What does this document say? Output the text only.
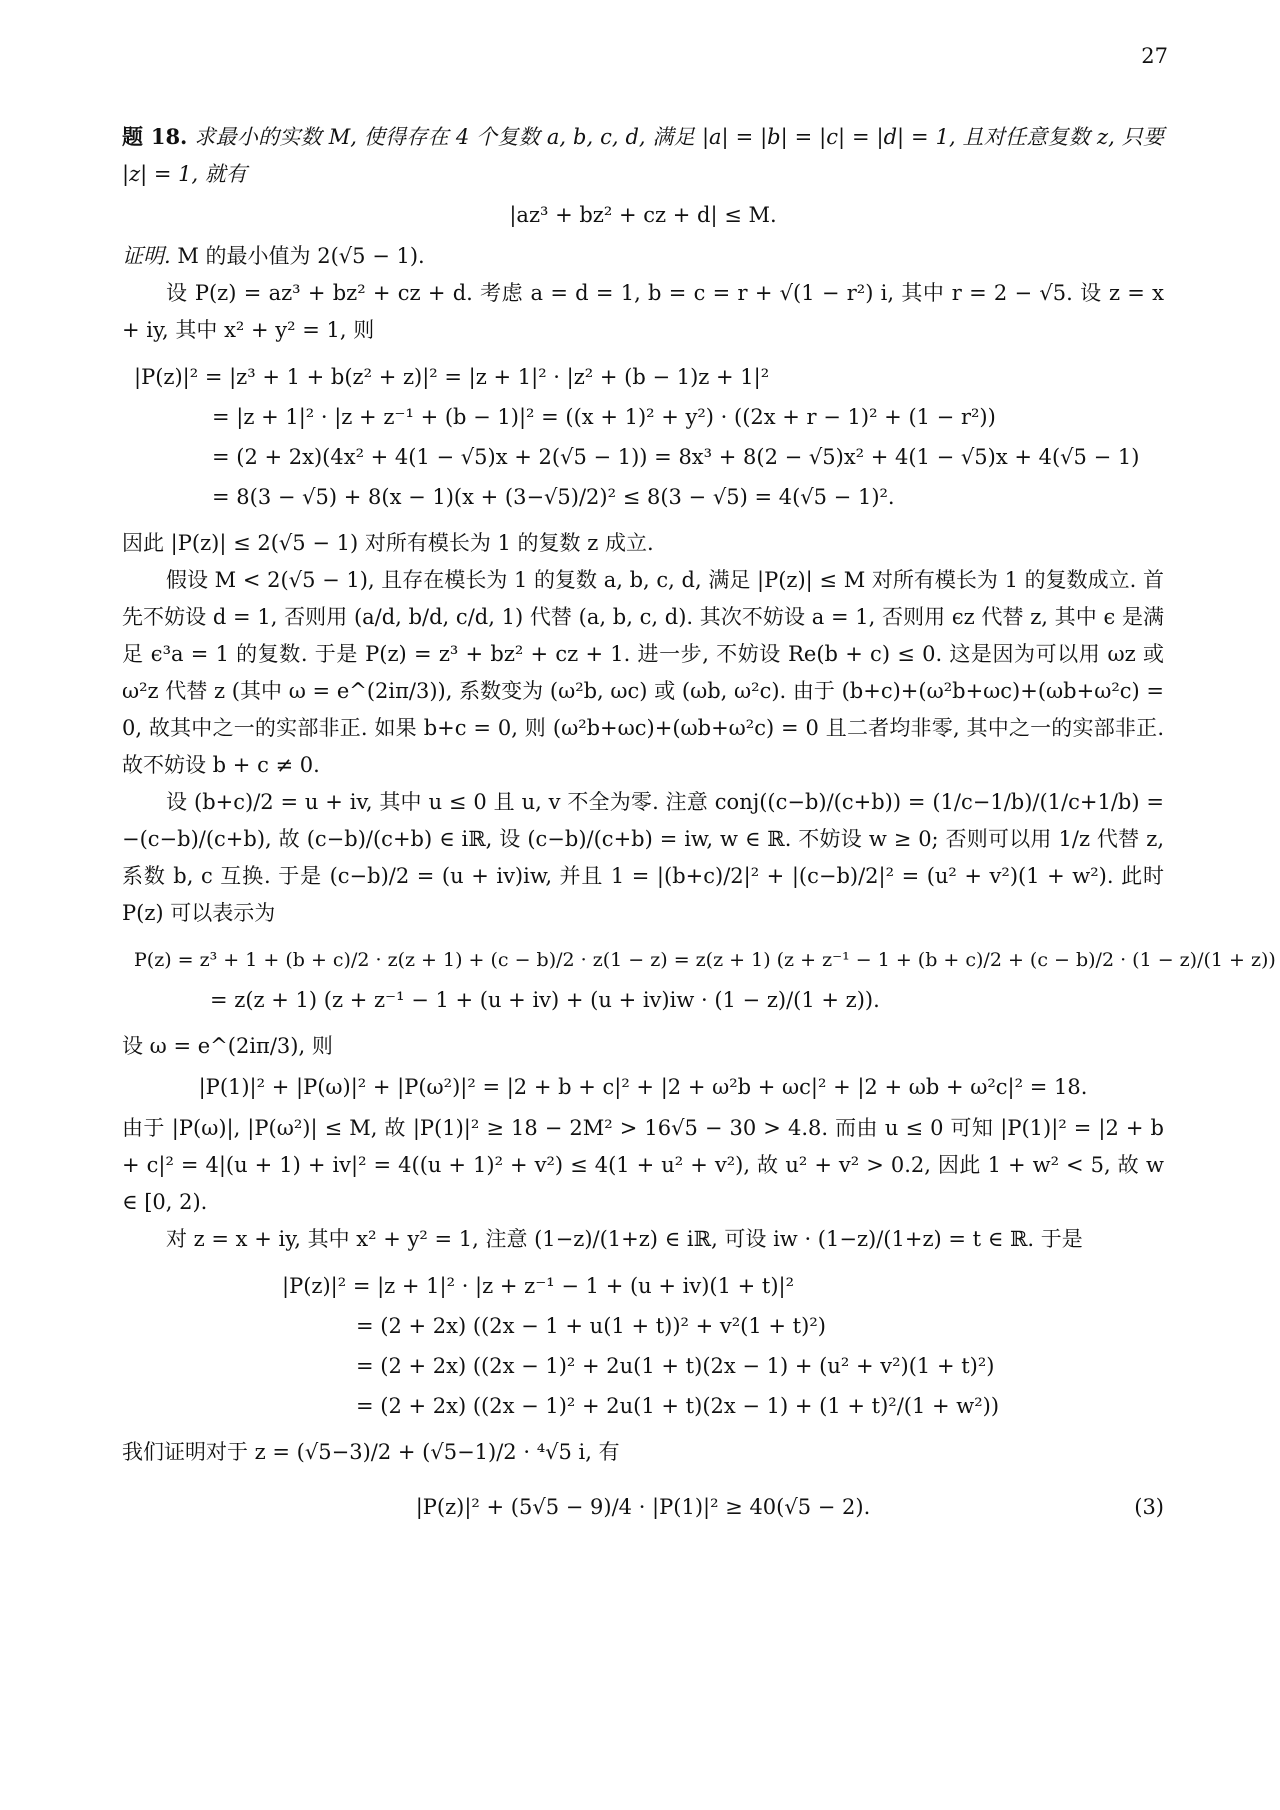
27

题 18. 求最小的实数 M, 使得存在 4 个复数 a, b, c, d, 满足 |a| = |b| = |c| = |d| = 1, 且对任意复数 z, 只要 |z| = 1, 就有

|az³ + bz² + cz + d| ≤ M.

证明. M 的最小值为 2(√5 − 1).

设 P(z) = az³ + bz² + cz + d. 考虑 a = d = 1, b = c = r + √(1 − r²) i, 其中 r = 2 − √5. 设 z = x + iy, 其中 x² + y² = 1, 则

|P(z)|² = |z³ + 1 + b(z² + z)|² = |z + 1|² · |z² + (b − 1)z + 1|²
= |z + 1|² · |z + z⁻¹ + (b − 1)|² = ((x + 1)² + y²) · ((2x + r − 1)² + (1 − r²))
= (2 + 2x)(4x² + 4(1 − √5)x + 2(√5 − 1)) = 8x³ + 8(2 − √5)x² + 4(1 − √5)x + 4(√5 − 1)
= 8(3 − √5) + 8(x − 1)(x + (3−√5)/2)² ≤ 8(3 − √5) = 4(√5 − 1)².

因此 |P(z)| ≤ 2(√5 − 1) 对所有模长为 1 的复数 z 成立.

假设 M < 2(√5 − 1), 且存在模长为 1 的复数 a, b, c, d, 满足 |P(z)| ≤ M 对所有模长为 1 的复数成立. 首先不妨设 d = 1, 否则用 (a/d, b/d, c/d, 1) 代替 (a, b, c, d). 其次不妨设 a = 1, 否则用 ϵz 代替 z, 其中 ϵ 是满足 ϵ³a = 1 的复数. 于是 P(z) = z³ + bz² + cz + 1. 进一步, 不妨设 Re(b + c) ≤ 0. 这是因为可以用 ωz 或 ω²z 代替 z (其中 ω = e^(2iπ/3)), 系数变为 (ω²b, ωc) 或 (ωb, ω²c). 由于 (b+c)+(ω²b+ωc)+(ωb+ω²c) = 0, 故其中之一的实部非正. 如果 b+c = 0, 则 (ω²b+ωc)+(ωb+ω²c) = 0 且二者均非零, 其中之一的实部非正. 故不妨设 b + c ≠ 0.

设 (b+c)/2 = u + iv, 其中 u ≤ 0 且 u, v 不全为零. 注意 conj((c−b)/(c+b)) = (1/c−1/b)/(1/c+1/b) = −(c−b)/(c+b), 故 (c−b)/(c+b) ∈ iℝ, 设 (c−b)/(c+b) = iw, w ∈ ℝ. 不妨设 w ≥ 0; 否则可以用 1/z 代替 z, 系数 b, c 互换. 于是 (c−b)/2 = (u + iv)iw, 并且 1 = |(b+c)/2|² + |(c−b)/2|² = (u² + v²)(1 + w²). 此时 P(z) 可以表示为

P(z) = z³ + 1 + (b + c)/2 · z(z + 1) + (c − b)/2 · z(1 − z) = z(z + 1) (z + z⁻¹ − 1 + (b + c)/2 + (c − b)/2 · (1 − z)/(1 + z))
= z(z + 1) (z + z⁻¹ − 1 + (u + iv) + (u + iv)iw · (1 − z)/(1 + z)).

设 ω = e^(2iπ/3), 则

|P(1)|² + |P(ω)|² + |P(ω²)|² = |2 + b + c|² + |2 + ω²b + ωc|² + |2 + ωb + ω²c|² = 18.

由于 |P(ω)|, |P(ω²)| ≤ M, 故 |P(1)|² ≥ 18 − 2M² > 16√5 − 30 > 4.8. 而由 u ≤ 0 可知 |P(1)|² = |2 + b + c|² = 4|(u + 1) + iv|² = 4((u + 1)² + v²) ≤ 4(1 + u² + v²), 故 u² + v² > 0.2, 因此 1 + w² < 5, 故 w ∈ [0, 2).

对 z = x + iy, 其中 x² + y² = 1, 注意 (1−z)/(1+z) ∈ iℝ, 可设 iw · (1−z)/(1+z) = t ∈ ℝ. 于是

|P(z)|² = |z + 1|² · |z + z⁻¹ − 1 + (u + iv)(1 + t)|²
= (2 + 2x) ((2x − 1 + u(1 + t))² + v²(1 + t)²)
= (2 + 2x) ((2x − 1)² + 2u(1 + t)(2x − 1) + (u² + v²)(1 + t)²)
= (2 + 2x) ((2x − 1)² + 2u(1 + t)(2x − 1) + (1 + t)²/(1 + w²))

我们证明对于 z = (√5−3)/2 + (√5−1)/2 · ⁴√5 i, 有

|P(z)|² + (5√5 − 9)/4 · |P(1)|² ≥ 40(√5 − 2).	(3)
